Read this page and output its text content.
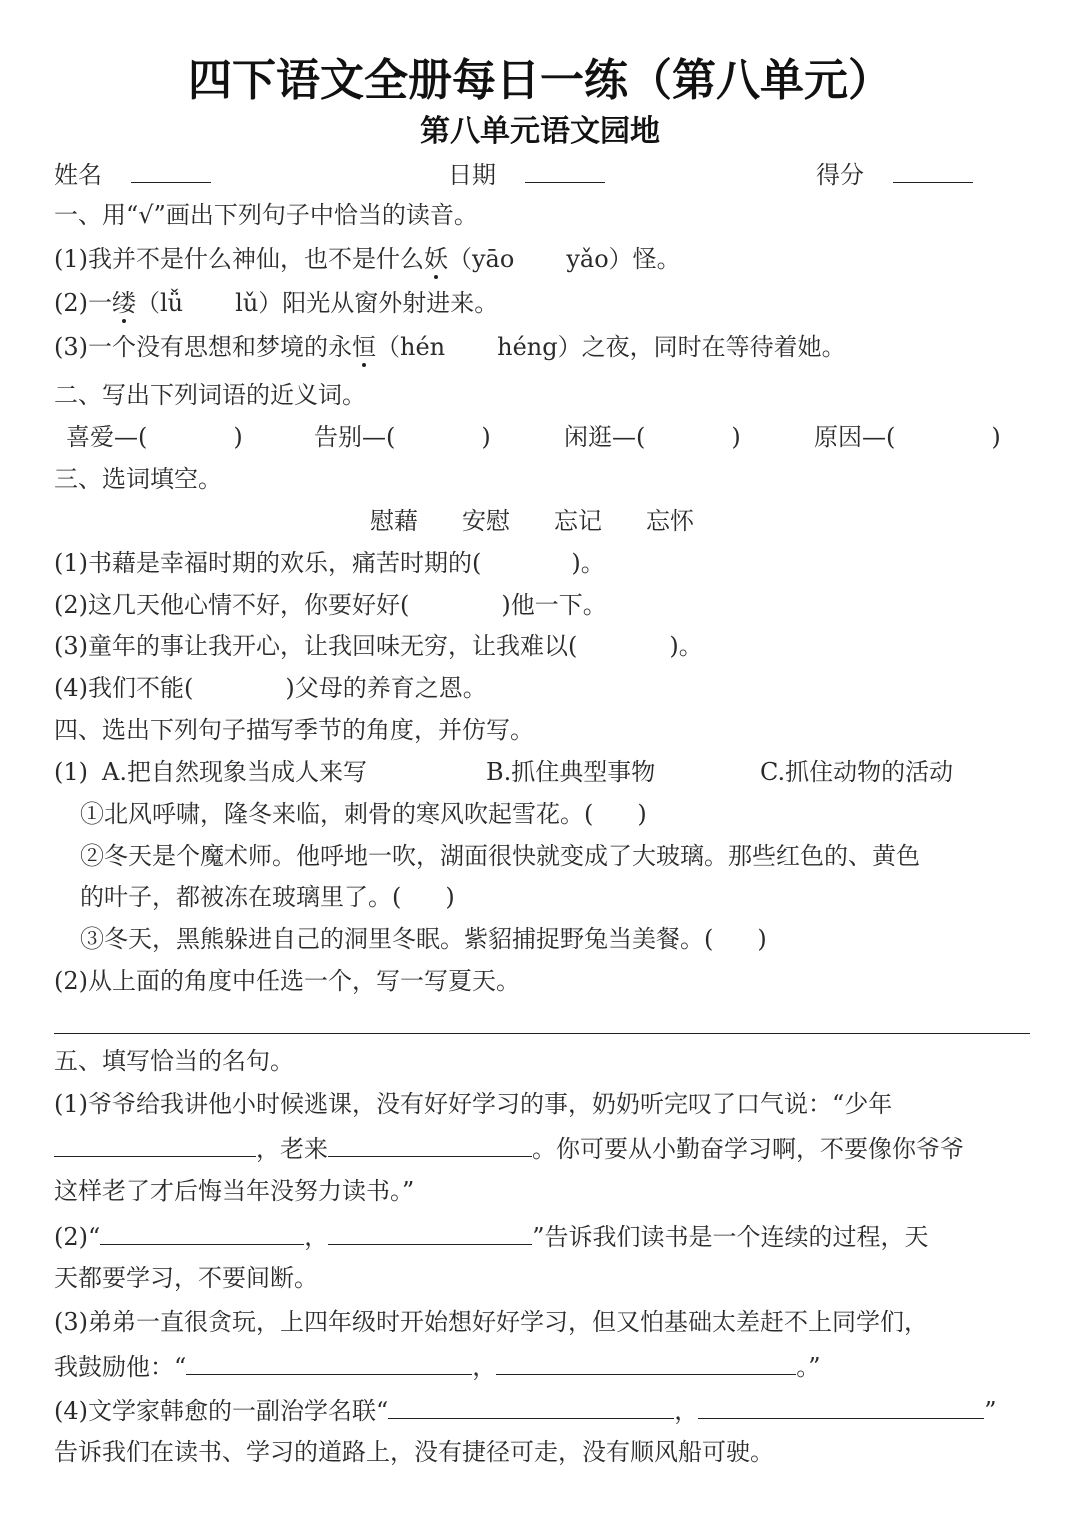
四下语文全册每日一练（第八单元）
第八单元语文园地
姓名	日期	得分
一、用“√”画出下列句子中恰当的读音。
(1)我并不是什么神仙，也不是什么妖（yāo yǎo）怪。
(2)一缕（lǚ lǔ）阳光从窗外射进来。
(3)一个没有思想和梦境的永恒（hén héng）之夜，同时在等待着她。
二、写出下列词语的近义词。
喜爱—(	)	告别—(	)	闲逛—(	)	原因—(	)
三、选词填空。
慰藉 安慰 忘记 忘怀
(1)书藉是幸福时期的欢乐，痛苦时期的(	)。
(2)这几天他心情不好，你要好好(	)他一下。
(3)童年的事让我开心，让我回味无穷，让我难以(	)。
(4)我们不能(	)父母的养育之恩。
四、选出下列句子描写季节的角度，并仿写。
(1) A.把自然现象当成人来写	B.抓住典型事物	C.抓住动物的活动
①北风呼啸，隆冬来临，刺骨的寒风吹起雪花。( )
②冬天是个魔术师。他呼地一吹，湖面很快就变成了大玻璃。那些红色的、黄色
的叶子，都被冻在玻璃里了。( )
③冬天，黑熊躲进自己的洞里冬眠。紫貂捕捉野兔当美餐。( )
(2)从上面的角度中任选一个，写一写夏天。
五、填写恰当的名句。
(1)爷爷给我讲他小时候逃课，没有好好学习的事，奶奶听完叹了口气说：“少年
，老来	。你可要从小勤奋学习啊，不要像你爷爷
这样老了才后悔当年没努力读书。”
(2)“	，	”告诉我们读书是一个连续的过程，天
天都要学习，不要间断。
(3)弟弟一直很贪玩，上四年级时开始想好好学习，但又怕基础太差赶不上同学们，
我鼓励他：“	，	。”
(4)文学家韩愈的一副治学名联“	，	”
告诉我们在读书、学习的道路上，没有捷径可走，没有顺风船可驶。
